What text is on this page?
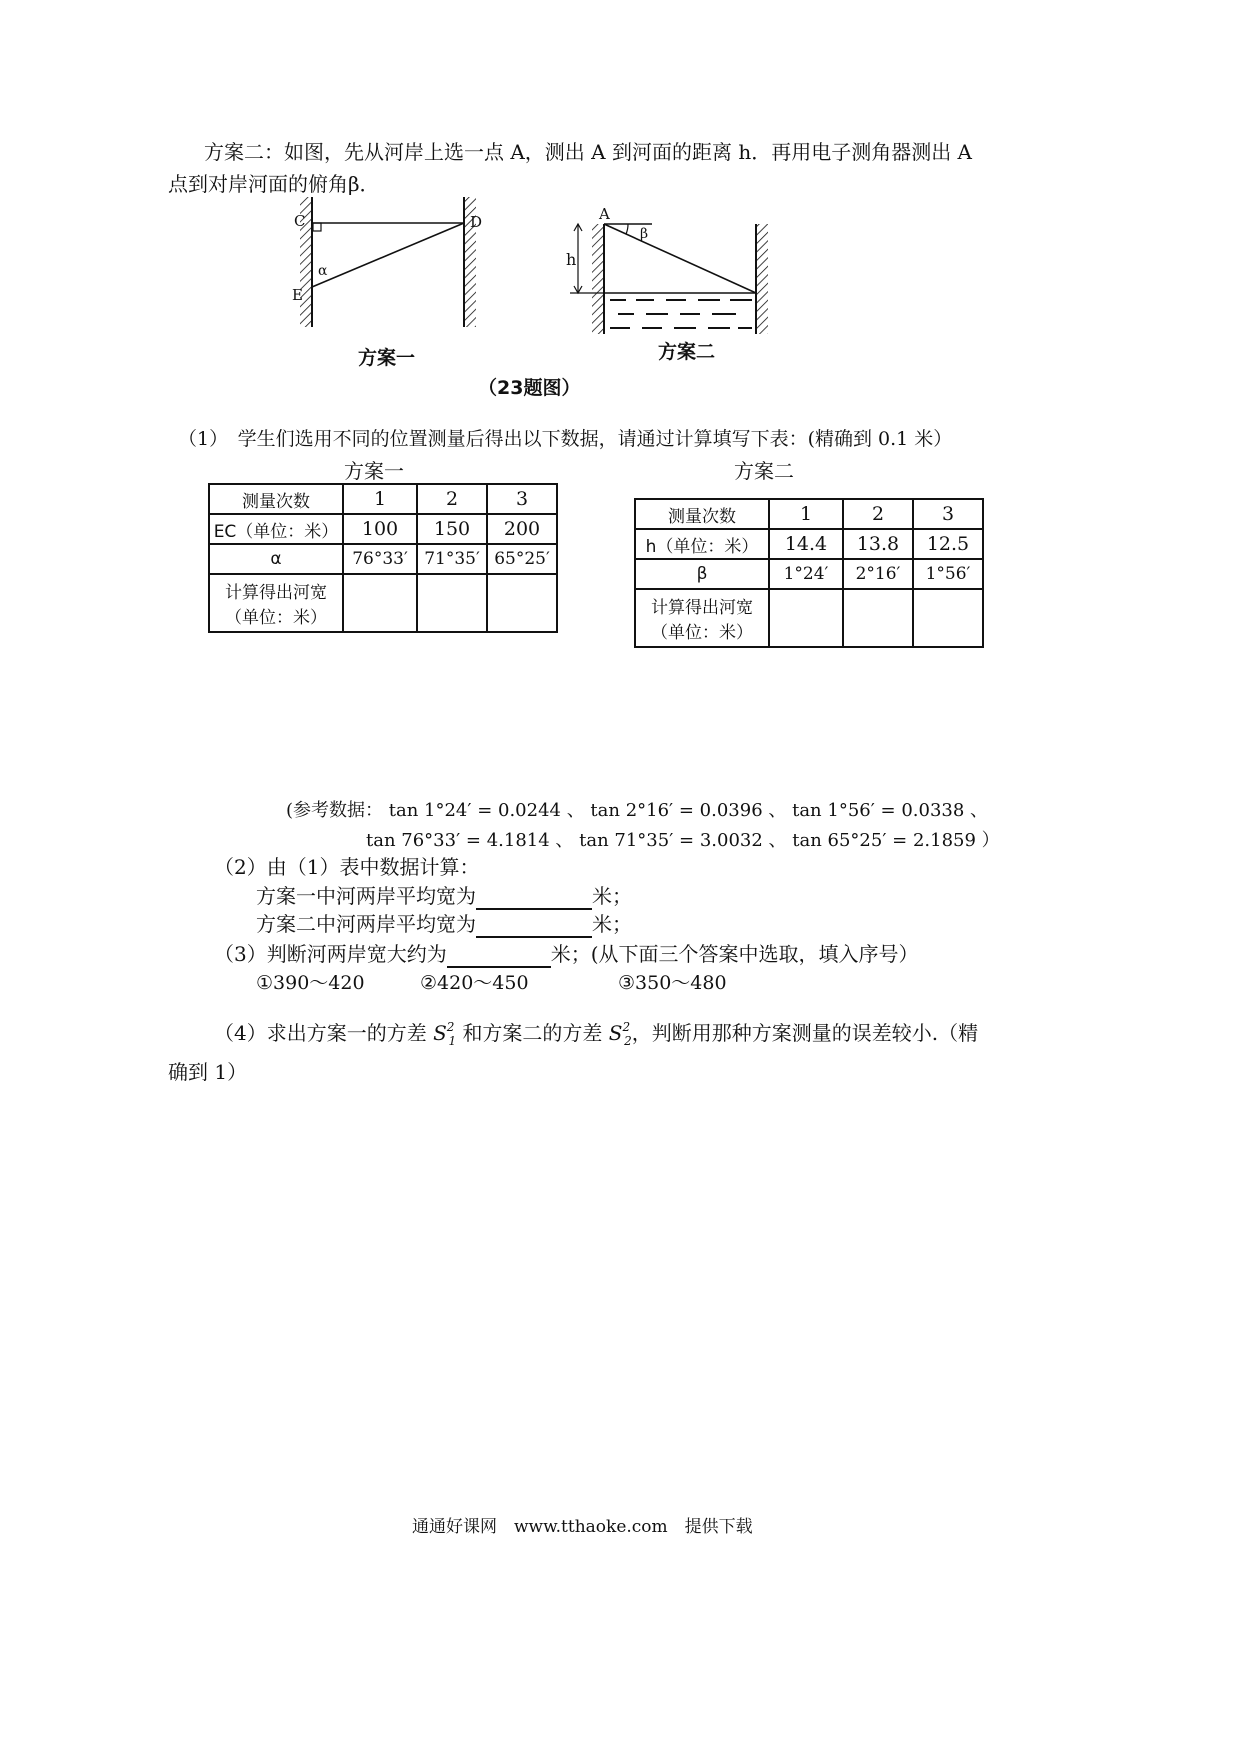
方案二：如图，先从河岸上选一点 A，测出 A 到河面的距离 h．再用电子测角器测出 A
点到对岸河面的俯角β．
C	D
E
α
方案一
A
h
β
方案二
（23题图）
（1）　学生们选用不同的位置测量后得出以下数据，请通过计算填写下表：(精确到 0.1 米）
方案一	方案二
测量次数	1	2	3
EC（单位：米）	100	150	200
α	76°33′	71°35′	65°25′

计算得出河宽
（单位：米）			

测量次数	1	2	3
h（单位：米）	14.4	13.8	12.5
β	1°24′	2°16′	1°56′

计算得出河宽
（单位：米）			

(参考数据： tan 1°24′ = 0.0244 、 tan 2°16′ = 0.0396 、 tan 1°56′ = 0.0338 、
tan 76°33′ = 4.1814 、 tan 71°35′ = 3.0032 、 tan 65°25′ = 2.1859 ）
（2）由（1）表中数据计算：
方案一中河两岸平均宽为	米；
方案二中河两岸平均宽为	米；
（3）判断河两岸宽大约为	米；(从下面三个答案中选取，填入序号）
①390～420	②420～450	③350～480
（4）求出方案一的方差 $S^2_1$ 和方案二的方差 $S^2_2$，判断用那种方案测量的误差较小.（精
确到 1）
通通好课网　www.tthaoke.com　提供下载
